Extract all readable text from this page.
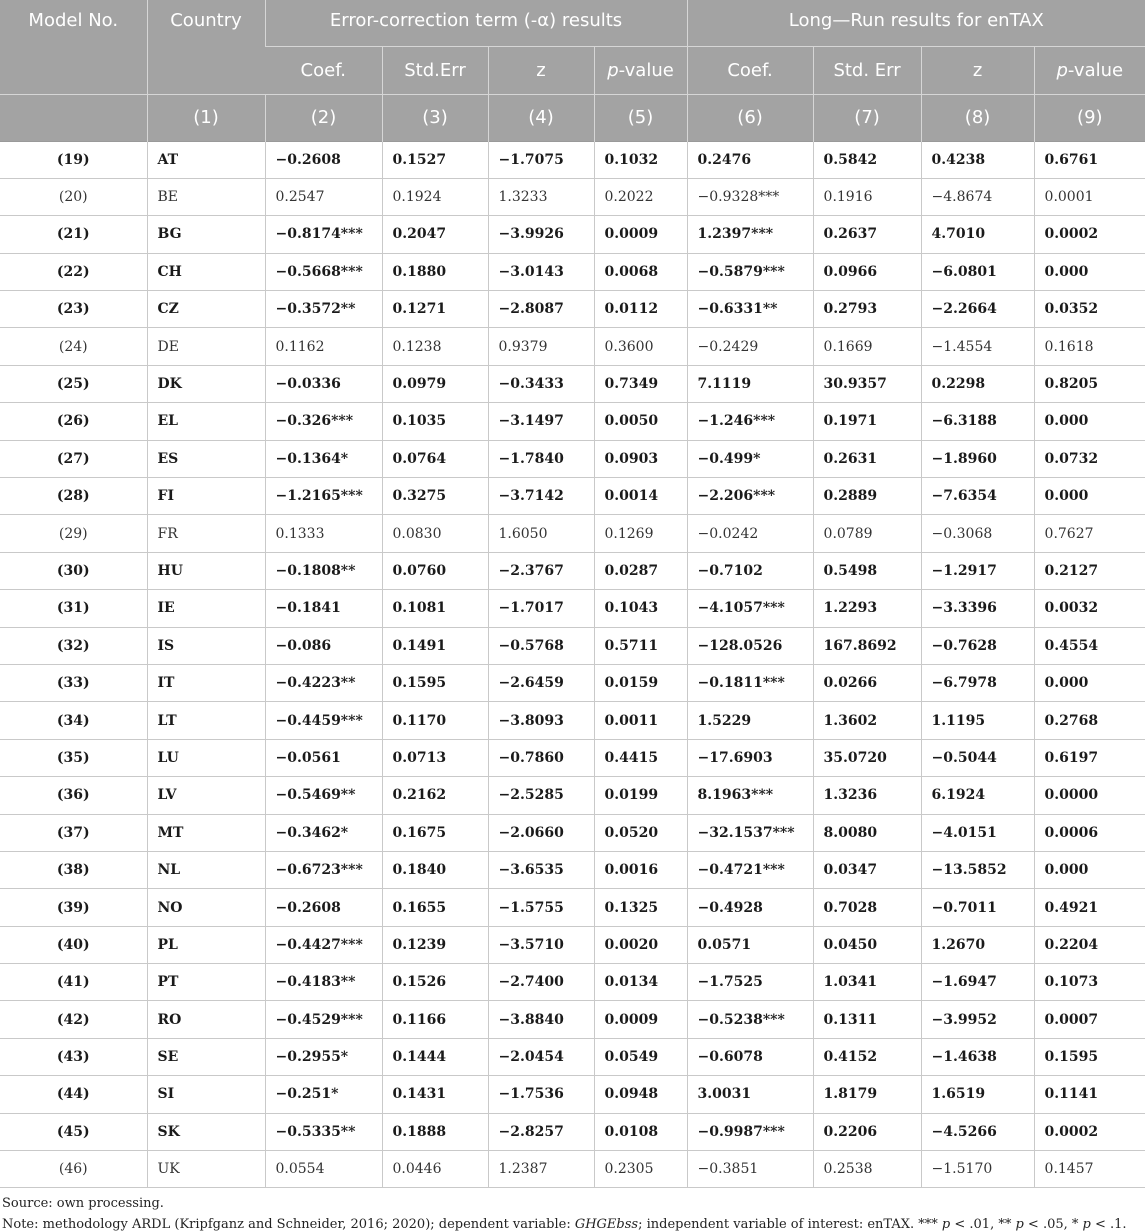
Model No.	Country	Error-correction term (-α) results				Long—Run results for enTAX			
		Coef.	Std.Err	z	p-value	Coef.	Std. Err	z	p-value
	(1)	(2)	(3)	(4)	(5)	(6)	(7)	(8)	(9)
(19)	AT	−0.2608	0.1527	−1.7075	0.1032	0.2476	0.5842	0.4238	0.6761
(20)	BE	0.2547	0.1924	1.3233	0.2022	−0.9328***	0.1916	−4.8674	0.0001
(21)	BG	−0.8174***	0.2047	−3.9926	0.0009	1.2397***	0.2637	4.7010	0.0002
(22)	CH	−0.5668***	0.1880	−3.0143	0.0068	−0.5879***	0.0966	−6.0801	0.000
(23)	CZ	−0.3572**	0.1271	−2.8087	0.0112	−0.6331**	0.2793	−2.2664	0.0352
(24)	DE	0.1162	0.1238	0.9379	0.3600	−0.2429	0.1669	−1.4554	0.1618
(25)	DK	−0.0336	0.0979	−0.3433	0.7349	7.1119	30.9357	0.2298	0.8205
(26)	EL	−0.326***	0.1035	−3.1497	0.0050	−1.246***	0.1971	−6.3188	0.000
(27)	ES	−0.1364*	0.0764	−1.7840	0.0903	−0.499*	0.2631	−1.8960	0.0732
(28)	FI	−1.2165***	0.3275	−3.7142	0.0014	−2.206***	0.2889	−7.6354	0.000
(29)	FR	0.1333	0.0830	1.6050	0.1269	−0.0242	0.0789	−0.3068	0.7627
(30)	HU	−0.1808**	0.0760	−2.3767	0.0287	−0.7102	0.5498	−1.2917	0.2127
(31)	IE	−0.1841	0.1081	−1.7017	0.1043	−4.1057***	1.2293	−3.3396	0.0032
(32)	IS	−0.086	0.1491	−0.5768	0.5711	−128.0526	167.8692	−0.7628	0.4554
(33)	IT	−0.4223**	0.1595	−2.6459	0.0159	−0.1811***	0.0266	−6.7978	0.000
(34)	LT	−0.4459***	0.1170	−3.8093	0.0011	1.5229	1.3602	1.1195	0.2768
(35)	LU	−0.0561	0.0713	−0.7860	0.4415	−17.6903	35.0720	−0.5044	0.6197
(36)	LV	−0.5469**	0.2162	−2.5285	0.0199	8.1963***	1.3236	6.1924	0.0000
(37)	MT	−0.3462*	0.1675	−2.0660	0.0520	−32.1537***	8.0080	−4.0151	0.0006
(38)	NL	−0.6723***	0.1840	−3.6535	0.0016	−0.4721***	0.0347	−13.5852	0.000
(39)	NO	−0.2608	0.1655	−1.5755	0.1325	−0.4928	0.7028	−0.7011	0.4921
(40)	PL	−0.4427***	0.1239	−3.5710	0.0020	0.0571	0.0450	1.2670	0.2204
(41)	PT	−0.4183**	0.1526	−2.7400	0.0134	−1.7525	1.0341	−1.6947	0.1073
(42)	RO	−0.4529***	0.1166	−3.8840	0.0009	−0.5238***	0.1311	−3.9952	0.0007
(43)	SE	−0.2955*	0.1444	−2.0454	0.0549	−0.6078	0.4152	−1.4638	0.1595
(44)	SI	−0.251*	0.1431	−1.7536	0.0948	3.0031	1.8179	1.6519	0.1141
(45)	SK	−0.5335**	0.1888	−2.8257	0.0108	−0.9987***	0.2206	−4.5266	0.0002
(46)	UK	0.0554	0.0446	1.2387	0.2305	−0.3851	0.2538	−1.5170	0.1457
Source: own processing.
Note: methodology ARDL (Kripfganz and Schneider, 2016; 2020); dependent variable: GHGEbss; independent variable of interest: enTAX. *** p < .01, ** p < .05, * p < .1.
